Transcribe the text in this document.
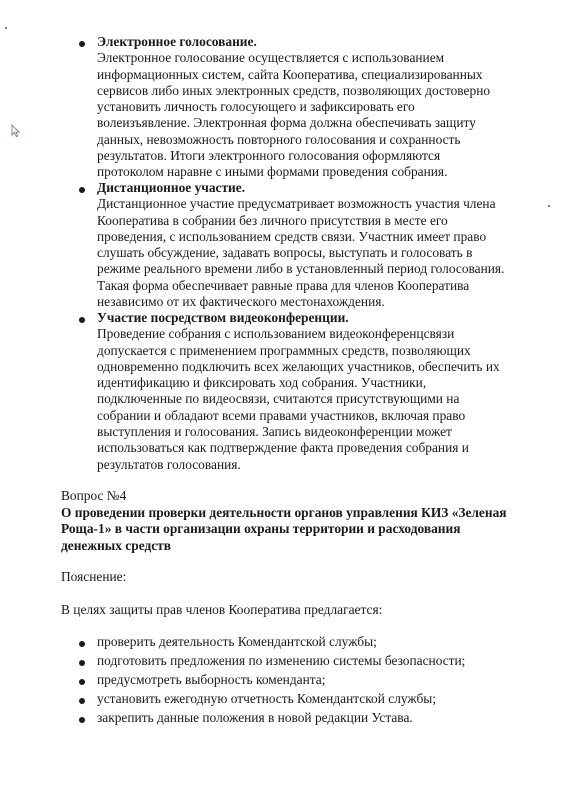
Электронное голосование.
Электронное голосование осуществляется с использованием
информационных систем, сайта Кооператива, специализированных
сервисов либо иных электронных средств, позволяющих достоверно
установить личность голосующего и зафиксировать его
волеизъявление. Электронная форма должна обеспечивать защиту
данных, невозможность повторного голосования и сохранность
результатов. Итоги электронного голосования оформляются
протоколом наравне с иными формами проведения собрания.
Дистанционное участие.
Дистанционное участие предусматривает возможность участия члена
Кооператива в собрании без личного присутствия в месте его
проведения, с использованием средств связи. Участник имеет право
слушать обсуждение, задавать вопросы, выступать и голосовать в
режиме реального времени либо в установленный период голосования.
Такая форма обеспечивает равные права для членов Кооператива
независимо от их фактического местонахождения.
Участие посредством видеоконференции.
Проведение собрания с использованием видеоконференцсвязи
допускается с применением программных средств, позволяющих
одновременно подключить всех желающих участников, обеспечить их
идентификацию и фиксировать ход собрания. Участники,
подключенные по видеосвязи, считаются присутствующими на
собрании и обладают всеми правами участников, включая право
выступления и голосования. Запись видеоконференции может
использоваться как подтверждение факта проведения собрания и
результатов голосования.
Вопрос №4
О проведении проверки деятельности органов управления КИЗ «Зеленая
Роща-1» в части организации охраны территории и расходования
денежных средств
Пояснение:
В целях защиты прав членов Кооператива предлагается:
проверить деятельность Комендантской службы;
подготовить предложения по изменению системы безопасности;
предусмотреть выборность коменданта;
установить ежегодную отчетность Комендантской службы;
закрепить данные положения в новой редакции Устава.
